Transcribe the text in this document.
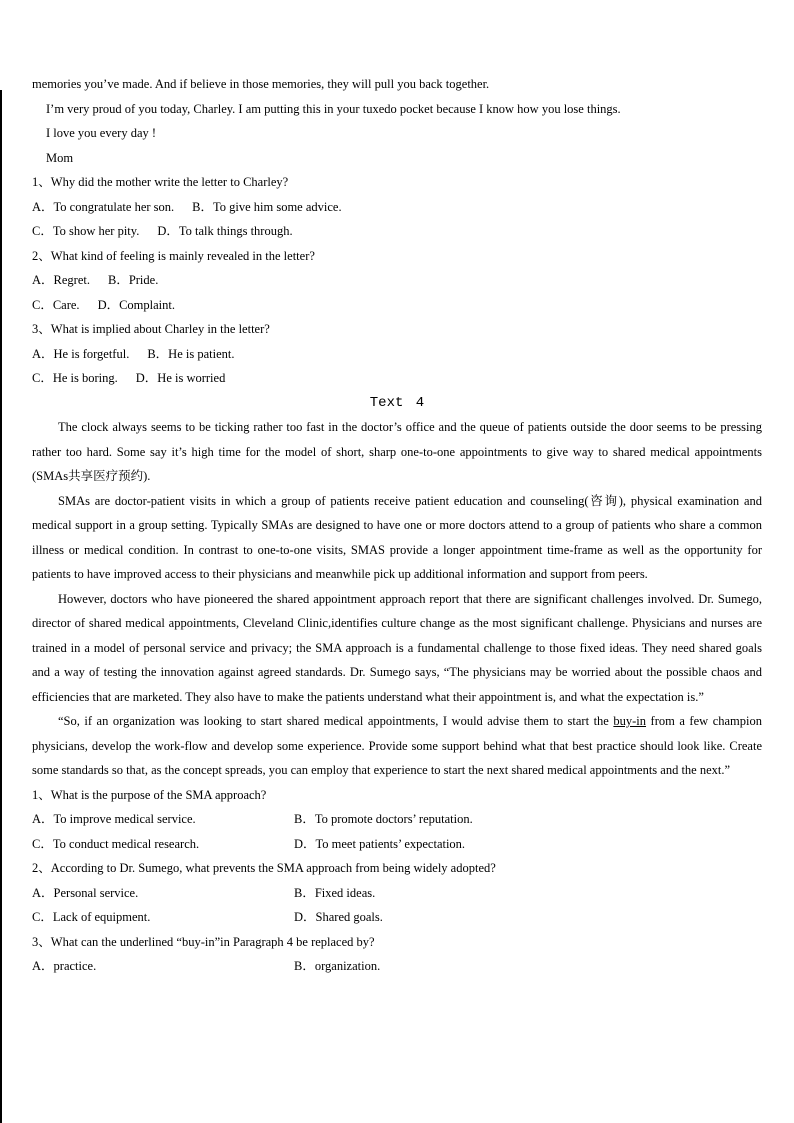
memories you’ve made. And if believe in those memories, they will pull you back together.

I’m very proud of you today, Charley. I am putting this in your tuxedo pocket because I know how you lose things.

I love you every day !

Mom

1、Why did the mother write the letter to Charley?

A．To congratulate her son. B．To give him some advice.

C．To show her pity. D．To talk things through.

2、What kind of feeling is mainly revealed in the letter?

A．Regret. B．Pride.

C．Care. D．Complaint.

3、What is implied about Charley in the letter?

A．He is forgetful. B．He is patient.

C．He is boring. D．He is worried

Text 4

The clock always seems to be ticking rather too fast in the doctor’s office and the queue of patients outside the door seems to be pressing rather too hard. Some say it’s high time for the model of short, sharp one-to-one appointments to give way to shared medical appointments (SMAs共享医疗预约).

SMAs are doctor-patient visits in which a group of patients receive patient education and counseling(咨询), physical examination and medical support in a group setting. Typically SMAs are designed to have one or more doctors attend to a group of patients who share a common illness or medical condition. In contrast to one-to-one visits, SMAS provide a longer appointment time-frame as well as the opportunity for patients to have improved access to their physicians and meanwhile pick up additional information and support from peers.

However, doctors who have pioneered the shared appointment approach report that there are significant challenges involved. Dr. Sumego, director of shared medical appointments, Cleveland Clinic,identifies culture change as the most significant challenge. Physicians and nurses are trained in a model of personal service and privacy; the SMA approach is a fundamental challenge to those fixed ideas. They need shared goals and a way of testing the innovation against agreed standards. Dr. Sumego says, “The physicians may be worried about the possible chaos and efficiencies that are marketed. They also have to make the patients understand what their appointment is, and what the expectation is.”

“So, if an organization was looking to start shared medical appointments, I would advise them to start the buy-in from a few champion physicians, develop the work-flow and develop some experience. Provide some support behind what that best practice should look like. Create some standards so that, as the concept spreads, you can employ that experience to start the next shared medical appointments and the next.”

1、What is the purpose of the SMA approach?

A．To improve medical service.	B．To promote doctors’ reputation.

C．To conduct medical research.	D．To meet patients’ expectation.

2、According to Dr. Sumego, what prevents the SMA approach from being widely adopted?

A．Personal service.	B．Fixed ideas.

C．Lack of equipment.	D．Shared goals.

3、What can the underlined “buy-in”in Paragraph 4 be replaced by?

A．practice.	B．organization.
